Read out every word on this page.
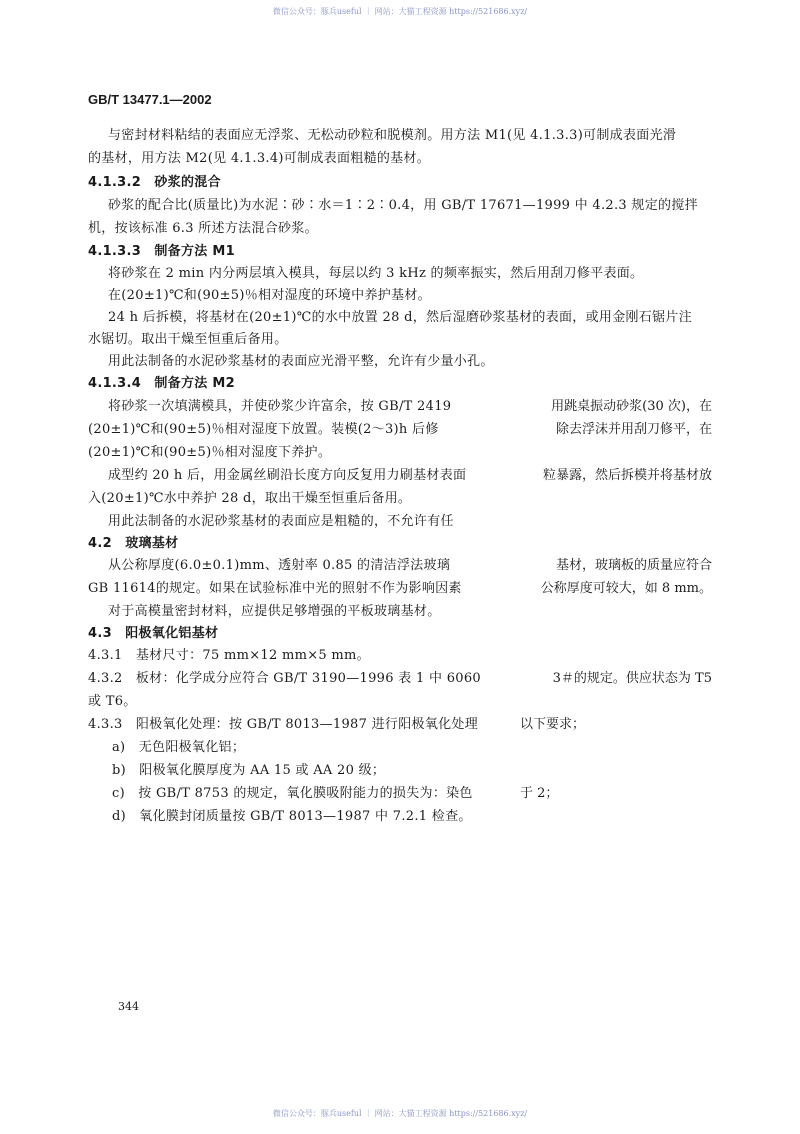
微信公众号：豚兵useful ｜ 网站：大猫工程资源 https://521686.xyz/
GB/T 13477.1—2002
与密封材料粘结的表面应无浮浆、无松动砂粒和脱模剂。用方法 M1(见 4.1.3.3)可制成表面光滑
的基材，用方法 M2(见 4.1.3.4)可制成表面粗糙的基材。
4.1.3.2　砂浆的混合
砂浆的配合比(质量比)为水泥∶砂∶水＝1∶2∶0.4，用 GB/T 17671—1999 中 4.2.3 规定的搅拌
机，按该标准 6.3 所述方法混合砂浆。
4.1.3.3　制备方法 M1
将砂浆在 2 min 内分两层填入模具，每层以约 3 kHz 的频率振实，然后用刮刀修平表面。
在(20±1)℃和(90±5)％相对湿度的环境中养护基材。
24 h 后拆模，将基材在(20±1)℃的水中放置 28 d，然后湿磨砂浆基材的表面，或用金刚石锯片注
水锯切。取出干燥至恒重后备用。
用此法制备的水泥砂浆基材的表面应光滑平整，允许有少量小孔。
4.1.3.4　制备方法 M2
将砂浆一次填满模具，并使砂浆少许富余，按 GB/T 2419	用跳桌振动砂浆(30 次)，在
(20±1)℃和(90±5)％相对湿度下放置。装模(2～3)h 后修	除去浮沫并用刮刀修平，在
(20±1)℃和(90±5)％相对湿度下养护。
成型约 20 h 后，用金属丝刷沿长度方向反复用力刷基材表面	粒暴露，然后拆模并将基材放
入(20±1)℃水中养护 28 d，取出干燥至恒重后备用。
用此法制备的水泥砂浆基材的表面应是粗糙的，不允许有任
4.2　玻璃基材
从公称厚度(6.0±0.1)mm、透射率 0.85 的清洁浮法玻璃	基材，玻璃板的质量应符合
GB 11614的规定。如果在试验标准中光的照射不作为影响因素	公称厚度可较大，如 8 mm。
对于高模量密封材料，应提供足够增强的平板玻璃基材。
4.3　阳极氧化铝基材
4.3.1　基材尺寸：75 mm×12 mm×5 mm。
4.3.2　板材：化学成分应符合 GB/T 3190—1996 表 1 中 6060	3＃的规定。供应状态为 T5
或 T6。
4.3.3　阳极氧化处理：按 GB/T 8013—1987 进行阳极氧化处理	以下要求；
a)　无色阳极氧化铝；
b)　阳极氧化膜厚度为 AA 15 或 AA 20 级；
c)　按 GB/T 8753 的规定，氧化膜吸附能力的损失为：染色	于 2；
d)　氧化膜封闭质量按 GB/T 8013—1987 中 7.2.1 检查。
344
微信公众号：豚兵useful ｜ 网站：大猫工程资源 https://521686.xyz/
